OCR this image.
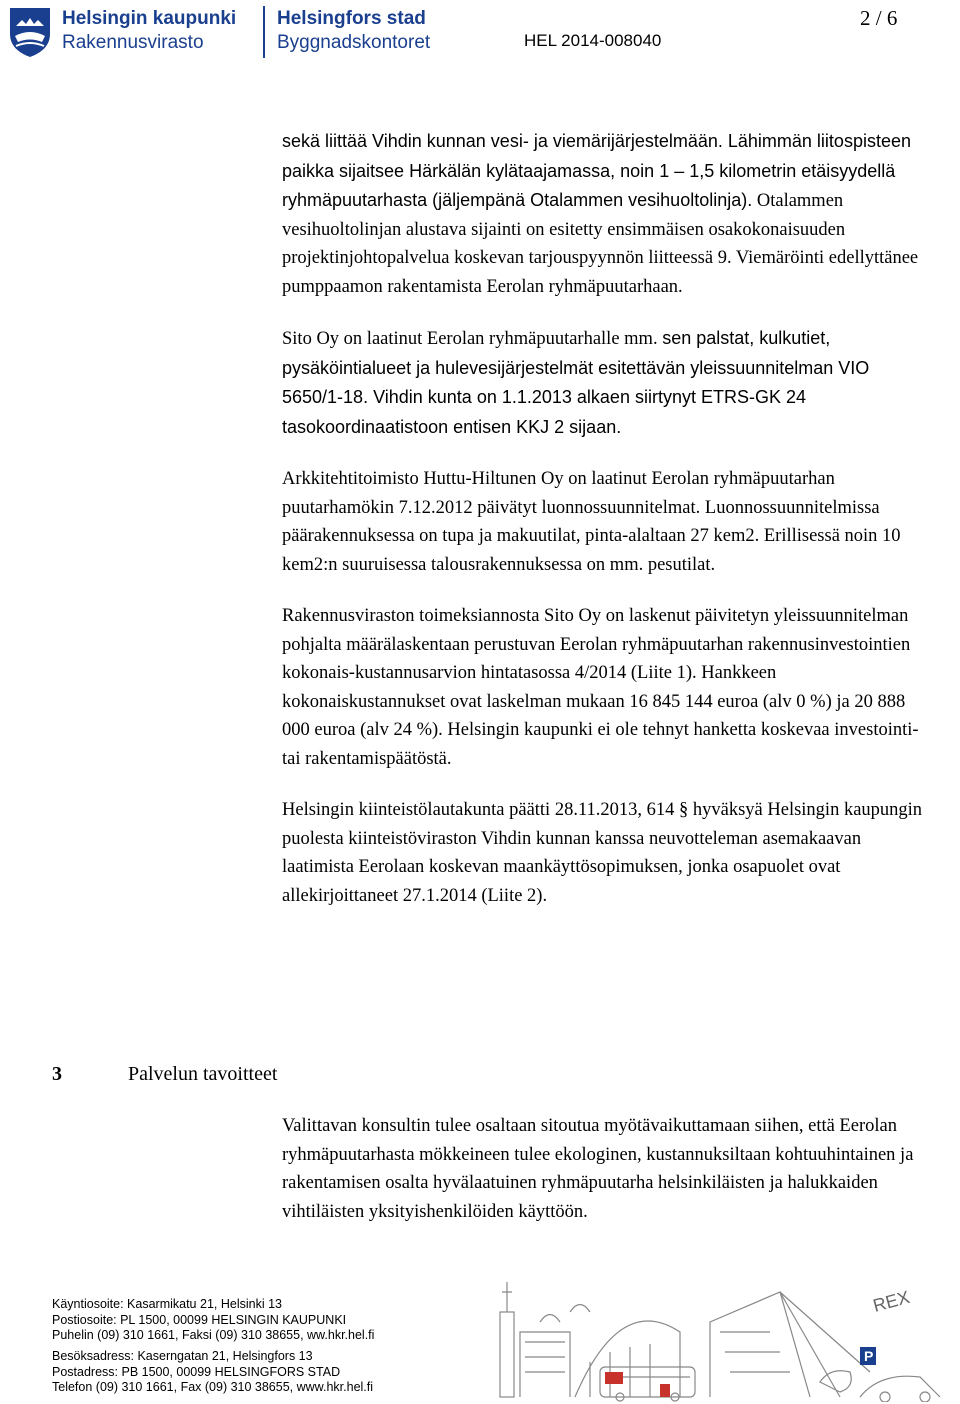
Helsingin kaupunki
Rakennusvirasto
Helsingfors stad
Byggnadskontoret	HEL 2014-008040
2 / 6

sekä liittää Vihdin kunnan vesi- ja viemärijärjestelmään. Lähimmän liitospisteen paikka sijaitsee Härkälän kylätaajamassa, noin 1 – 1,5 kilometrin etäisyydellä ryhmäpuutarhasta (jäljempänä Otalammen vesihuoltolinja). Otalammen vesihuoltolinjan alustava sijainti on esitetty ensimmäisen osakokonaisuuden projektinjohtopalvelua koskevan tarjouspyynnön liitteessä 9. Viemäröinti edellyttänee pumppaamon rakentamista Eerolan ryhmäpuutarhaan.

Sito Oy on laatinut Eerolan ryhmäpuutarhalle mm. sen palstat, kulkutiet, pysäköintialueet ja hulevesijärjestelmät esitettävän yleissuunnitelman VIO 5650/1-18. Vihdin kunta on 1.1.2013 alkaen siirtynyt ETRS-GK 24 tasokoordinaatistoon entisen KKJ 2 sijaan.

Arkkitehtitoimisto Huttu-Hiltunen Oy on laatinut Eerolan ryhmäpuutarhan puutarhamökin 7.12.2012 päivätyt luonnossuunnitelmat. Luonnossuunnitelmissa päärakennuksessa on tupa ja makuutilat, pinta-alaltaan 27 kem2. Erillisessä noin 10 kem2:n suuruisessa talousrakennuksessa on mm. pesutilat.

Rakennusviraston toimeksiannosta Sito Oy on laskenut päivitetyn yleissuunnitelman pohjalta määrälaskentaan perustuvan Eerolan ryhmäpuutarhan rakennusinvestointien kokonais-kustannusarvion hintatasossa 4/2014 (Liite 1). Hankkeen kokonaiskustannukset ovat laskelman mukaan 16 845 144 euroa (alv 0 %) ja 20 888 000 euroa (alv 24 %). Helsingin kaupunki ei ole tehnyt hanketta koskevaa investointi- tai rakentamispäätöstä.

Helsingin kiinteistölautakunta päätti 28.11.2013, 614 § hyväksyä Helsingin kaupungin puolesta kiinteistöviraston Vihdin kunnan kanssa neuvotteleman asemakaavan laatimista Eerolaan koskevan maankäyttösopimuksen, jonka osapuolet ovat allekirjoittaneet 27.1.2014 (Liite 2).

3	Palvelun tavoitteet

Valittavan konsultin tulee osaltaan sitoutua myötävaikuttamaan siihen, että Eerolan ryhmäpuutarhasta mökkeineen tulee ekologinen, kustannuksiltaan kohtuuhintainen ja rakentamisen osalta hyvälaatuinen ryhmäpuutarha helsinkiläisten ja halukkaiden vihtiläisten yksityishenkilöiden käyttöön.

Käyntiosoite: Kasarmikatu 21, Helsinki 13
Postiosoite: PL 1500, 00099 HELSINGIN KAUPUNKI
Puhelin (09) 310 1661, Faksi (09) 310 38655, ww.hkr.hel.fi
Besöksadress: Kaserngatan 21, Helsingfors 13
Postadress: PB 1500, 00099 HELSINGFORS STAD
Telefon (09) 310 1661, Fax (09) 310 38655, www.hkr.hel.fi
P
REX
